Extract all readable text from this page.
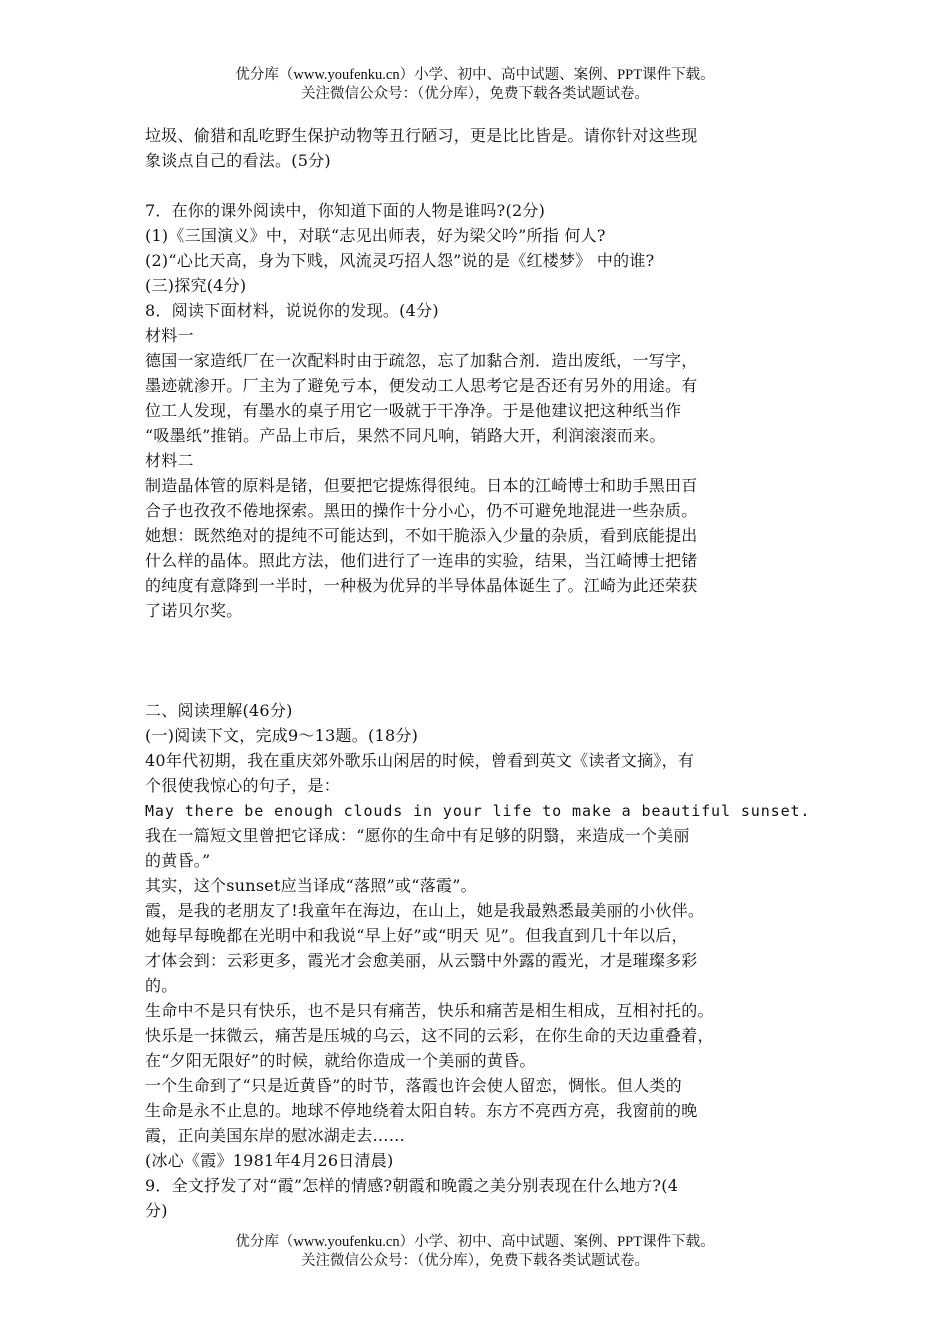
优分库（www.youfenku.cn）小学、初中、高中试题、案例、PPT课件下载。
关注微信公众号：（优分库），免费下载各类试题试卷。
垃圾、偷猎和乱吃野生保护动物等丑行陋习，更是比比皆是。请你针对这些现
象谈点自己的看法。(5分)
7．在你的课外阅读中，你知道下面的人物是谁吗?(2分)
(1)《三国演义》中，对联“志见出师表，好为梁父吟”所指 何人?
(2)“心比天高，身为下贱，风流灵巧招人怨”说的是《红楼梦》 中的谁?
(三)探究(4分)
8．阅读下面材料，说说你的发现。(4分)
材料一
德国一家造纸厂在一次配料时由于疏忽，忘了加黏合剂．造出废纸，一写字，
墨迹就渗开。厂主为了避免亏本，便发动工人思考它是否还有另外的用途。有
位工人发现，有墨水的桌子用它一吸就于干净净。于是他建议把这种纸当作
“吸墨纸”推销。产品上市后，果然不同凡响，销路大开，利润滚滚而来。
材料二
制造晶体管的原料是锗，但要把它提炼得很纯。日本的江崎博士和助手黑田百
合子也孜孜不倦地探索。黑田的操作十分小心，仍不可避免地混进一些杂质。
她想：既然绝对的提纯不可能达到，不如干脆添入少量的杂质，看到底能提出
什么样的晶体。照此方法，他们进行了一连串的实验，结果，当江崎博士把锗
的纯度有意降到一半时，一种极为优异的半导体晶体诞生了。江崎为此还荣获
了诺贝尔奖。
二、阅读理解(46分)
(一)阅读下文，完成9～13题。(18分)
40年代初期，我在重庆郊外歌乐山闲居的时候，曾看到英文《读者文摘》，有
个很使我惊心的句子，是：
May there be enough clouds in your life to make a beautiful sunset.
我在一篇短文里曾把它译成：“愿你的生命中有足够的阴翳，来造成一个美丽
的黄昏。”
其实，这个sunset应当译成“落照”或“落霞”。
霞，是我的老朋友了!我童年在海边，在山上，她是我最熟悉最美丽的小伙伴。
她每早每晚都在光明中和我说“早上好”或“明天 见”。但我直到几十年以后，
才体会到：云彩更多，霞光才会愈美丽，从云翳中外露的霞光，才是璀璨多彩
的。
生命中不是只有快乐，也不是只有痛苦，快乐和痛苦是相生相成，互相衬托的。
快乐是一抹微云，痛苦是压城的乌云，这不同的云彩，在你生命的天边重叠着，
在“夕阳无限好”的时候，就给你造成一个美丽的黄昏。
一个生命到了“只是近黄昏”的时节，落霞也许会使人留恋，惆怅。但人类的
生命是永不止息的。地球不停地绕着太阳自转。东方不亮西方亮，我窗前的晚
霞，正向美国东岸的慰冰湖走去……
(冰心《霞》1981年4月26日清晨)
9．全文抒发了对“霞”怎样的情感?朝霞和晚霞之美分别表现在什么地方?(4
分)
优分库（www.youfenku.cn）小学、初中、高中试题、案例、PPT课件下载。
关注微信公众号：（优分库），免费下载各类试题试卷。
